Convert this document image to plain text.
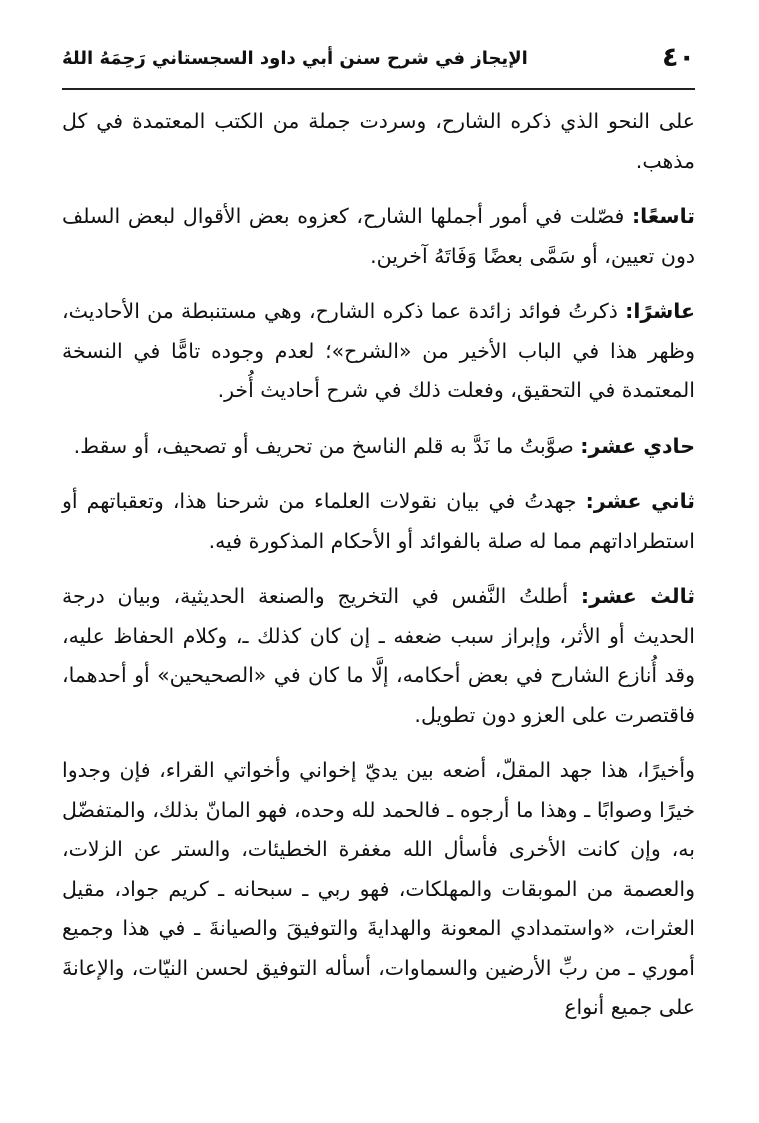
٤٠
الإيجاز في شرح سنن أبي داود السجستاني رَحِمَهُ اللهُ

على النحو الذي ذكره الشارح، وسردت جملة من الكتب المعتمدة في كل مذهب.

تاسعًا: فصّلت في أمور أجملها الشارح، كعزوه بعض الأقوال لبعض السلف دون تعيين، أو سَمَّى بعضًا وَفَاتَهُ آخرين.

عاشرًا: ذكرتُ فوائد زائدة عما ذكره الشارح، وهي مستنبطة من الأحاديث، وظهر هذا في الباب الأخير من «الشرح»؛ لعدم وجوده تامًّا في النسخة المعتمدة في التحقيق، وفعلت ذلك في شرح أحاديث أُخر.

حادي عشر: صوَّبتُ ما نَدَّ به قلم الناسخ من تحريف أو تصحيف، أو سقط.

ثاني عشر: جهدتُ في بيان نقولات العلماء من شرحنا هذا، وتعقباتهم أو استطراداتهم مما له صلة بالفوائد أو الأحكام المذكورة فيه.

ثالث عشر: أطلتُ النَّفس في التخريج والصنعة الحديثية، وبيان درجة الحديث أو الأثر، وإبراز سبب ضعفه ـ إن كان كذلك ـ، وكلام الحفاظ عليه، وقد أُنازع الشارح في بعض أحكامه، إلَّا ما كان في «الصحيحين» أو أحدهما، فاقتصرت على العزو دون تطويل.

وأخيرًا، هذا جهد المقلّ، أضعه بين يديّ إخواني وأخواتي القراء، فإن وجدوا خيرًا وصوابًا ـ وهذا ما أرجوه ـ فالحمد لله وحده، فهو المانّ بذلك، والمتفضّل به، وإن كانت الأخرى فأسأل الله مغفرة الخطيئات، والستر عن الزلات، والعصمة من الموبقات والمهلكات، فهو ربي ـ سبحانه ـ كريم جواد، مقيل العثرات، «واستمدادي المعونة والهدايةَ والتوفيقَ والصيانةَ ـ في هذا وجميع أموري ـ من ربِّ الأرضين والسماوات، أسأله التوفيق لحسن النيّات، والإعانةَ على جميع أنواع
